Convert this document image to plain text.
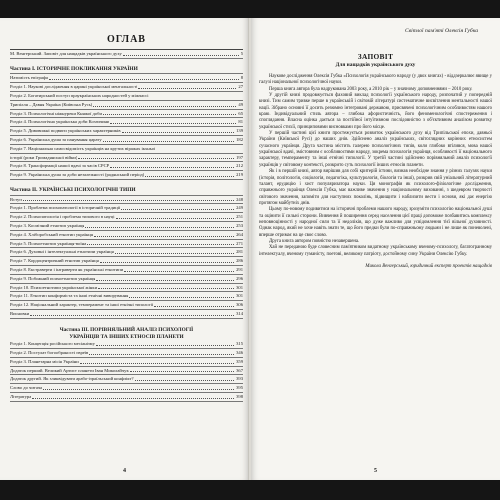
ОГЛАВ
М. Венгерський. Заповіт для нащадків українського духу	5
Частина І. ІСТОРИЧНЕ ПОКЛИКАННЯ УКРАЇНИ
Натомість епіграфа	8
Розділ 1. Наукові дослідження в царині української ментальності	27
Розділ 2. Богатирський поступ праукраїнських народностей у міжчассі
Трипілля – Давня Україна (Київська Русь)	49
Розділ 3. Психологічні ніжнуреки Княжої доби	65
Розділ 4. Психологічна українська доби Козаччини	81
Розділ 5. Дивовижні подвиги українських характерників	139
Розділ 6. Українська душа за панування царату	182
Розділ 7. Національна самосвідомість українців на крутих віражах ікхньої
історії (роки Громадянської війни)	197
Розділ 8. Трансформації нашої вдачі за часів СРСР	212
Розділ 9. Українська душа за доби незалежності (радянський період)	219
Частина ІІ. УКРАЇНСЬКІ ПСИХОЛОГІЧНІ ТИПИ
Вступ	248
Розділ 1. Проблема психопатології в історичній традиції	249
Розділ 2. Психопатологія і проблема типового в науці	251
Розділ 3. Космічний етнотип українця	253
Розділ 4. Хліборобський етнотип українця	264
Розділ 5. Психоетнотип українця-воїна	271
Розділ 6. Духовні і інтелектуальні етнотипи українця	281
Розділ 7. Кордоцентричний етнотип українця	286
Розділ 8. Екстраверти і інтраверти як українські етнотипи	291
Розділ 9. Побожний психоетнотип українця	296
Розділ 10. Психоетнотипи української жінки	301
Розділ 11. Етнотип конформіста та інші етнічні виворування	301
Розділ 12. Національний характер, темперамент та інші етнічні типології	306
Висновки	314
Частина ІІІ. ПОРІВНЯЛЬНИЙ АНАЛІЗ ПСИХОЛОГІЇ
УКРАЇНЦІВ ТА ІНШИХ ЕТНОСІВ ПЛАНЕТИ
Розділ 1. Концепція російського месіанізму	315
Розділ 2. Постулат богообраності євреїв	346
Розділ 3. Планетарна місія України	359
Додаток перший. Великий Артист планети Іван Миколайчук	367
Додаток другий. Як зликвідувати арабо-ізраїльський конфлікт?	393
Слово до читача	395
Література	398
4
Світлої пам'яті Олексія Губка
ЗАПОВІТ
Для нащадків українського духу

Наукове дослідження Олексія Губка «Психологія українського народу (у двох книгах) - віддзеркалює явище у галузі національної психологічної науки.

Перша книга автора була надрукована 2003 року, а 2010 рік – у значному доповненнями – 2010 року.

У другій книзі продовжується фаховий виклад психології українського народу, розпочатий у попередній книзі. Тим самим тривке перше в українській і світовій літературі систематичне висвітлення ментальності нашої нації. Зібрано основні її досить резюмно інтегровані державою, присвячені психологічним особливостям нашого краю. Індивідуальний стиль автора – глибока афористичність, його феноменологічні спостереження і споглядання. Власна оцінка дається за постійної інтуїтивною послідовністю з об'єктивним аналізом розвитку української стихії, принциповими висновками про його місце.

У першій частині цієї книги простежується розвиток українського духу від Трипільської епохи, давньої України (Київської Русі) до наших днів. Здійснено аналіз українських, світоглядних корінних етносистем сучасного українця. Друга частина містить галерею психологічних типів, коли глибоко втілився, мова нашої української вдачі, змістовним є особливостями народу, зокрема психологія українця, особливості її національного характеру, темпераменту та інші етнічні типології. У третій частині здійснено порівняльний аналіз психології українців у світовому контексті, розкрито суть психології інших етносів планети.

Як і в першій книзі, автор вирішив для собі критерій істини, визнав необхідне знання у різних галузях науки (історія, політологія, соціологія, педагогіка, культурологія, біологія та інші), розкрив свій уніальний літературний талант, ерудицію і хист популяризатора науки. Ця монографія як психолого-фізіологічне дослідження, справжнього українця Олексія Губка, має важливе значення у національному вихованні, з шедевром творчості світового значення, запоміти для наступних поколінь, підвищити і наблизити вести і основи, які дає енергію протягом майбутніх днів.

Цьому по-новому подивитися на історичні проблеми нашого народу, зрозуміти психологію національної душі та оцінити її сильні сторони. Вивчення й поширення серед населення цієї праці допоможе позбавитись комплексу неповноцінності у народної сили та її недоліків, що дуже важливо для усвідомлення тієї вільної духовності. Однак народ, який не хоче навіть знати те, що його предки були по-справжньому людьми і не лише як поневолені, вперше отримає на це своє слово.

Друга книга автором повністю незавершена.

Хай не переданою буде словесним пам'ятником видатному українському вченому-психологу, багатогранному інтелектуалу, вченому гуманісту, поетові, великому патріоту, достойному сину України Олексію Губку.

Микола Венгерський, юридичний експерт проектів нащадків
5
